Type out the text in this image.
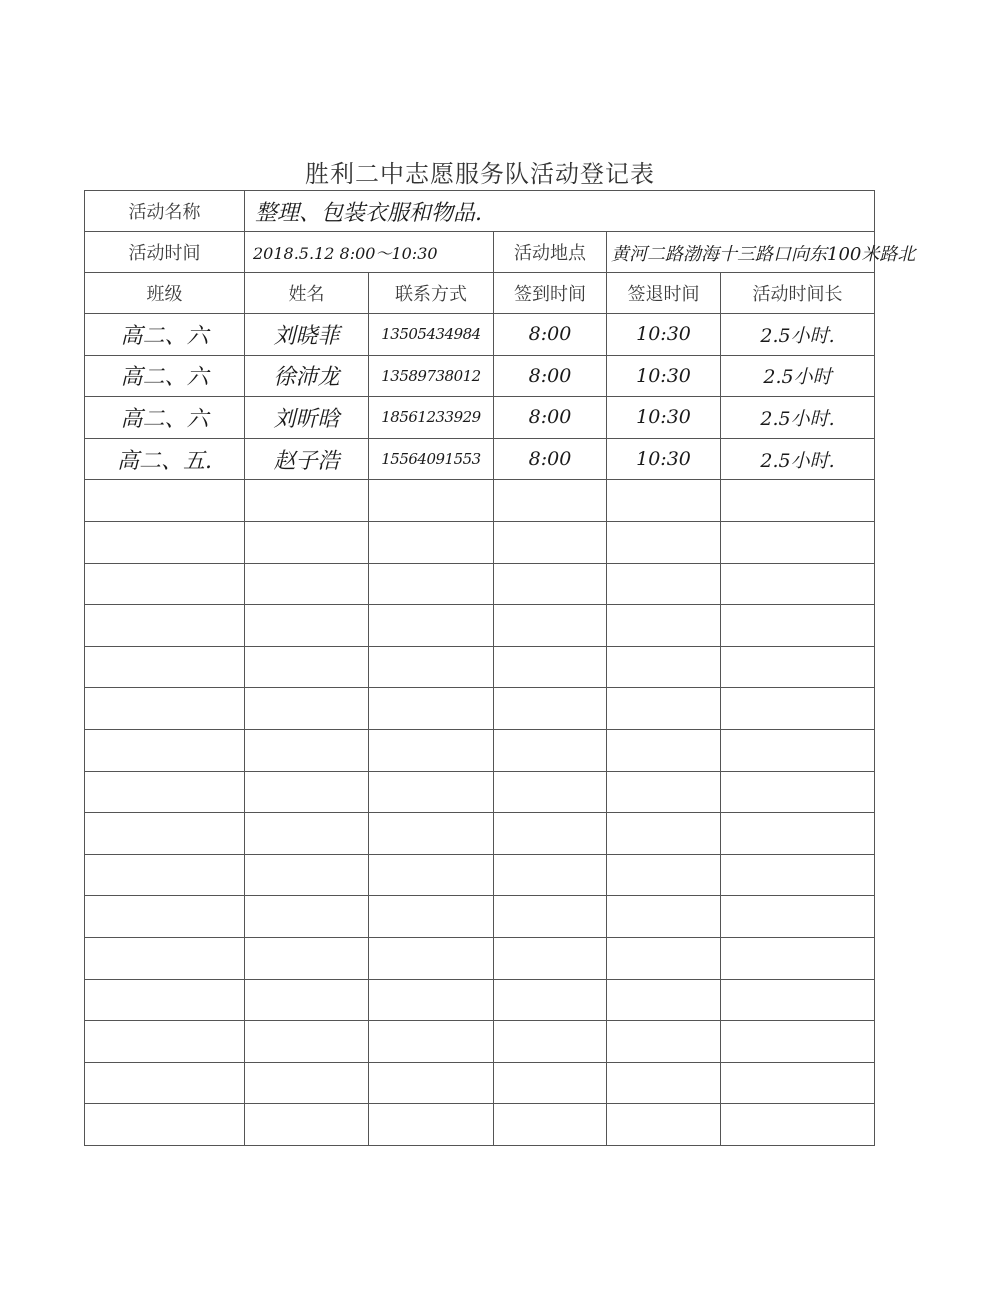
胜利二中志愿服务队活动登记表
活动名称	整理、包装衣服和物品.				
活动时间	2018.5.12 8:00～10:30		活动地点	黄河二路渤海十三路口向东100米路北	

班级	姓名	联系方式	签到时间	签退时间	活动时间长
高二、六	刘晓菲	13505434984	8:00	10:30	2.5小时.
高二、六	徐沛龙	13589738012	8:00	10:30	2.5小时
高二、六	刘昕晗	18561233929	8:00	10:30	2.5小时.
高二、五.	赵子浩	15564091553	8:00	10:30	2.5小时.
